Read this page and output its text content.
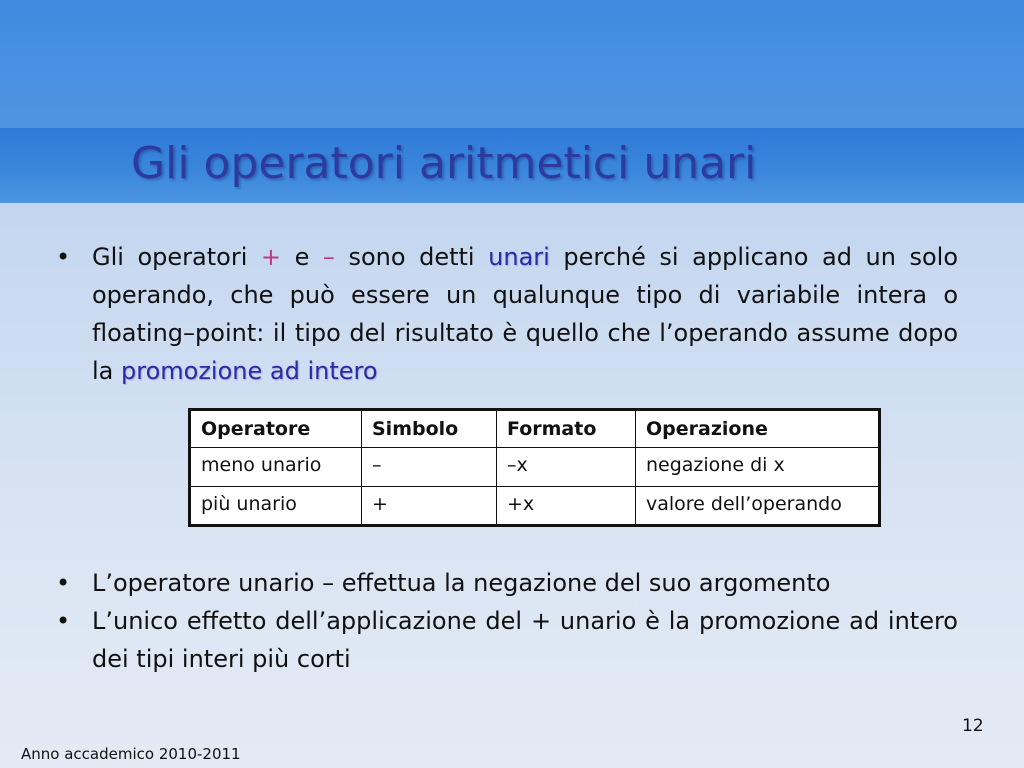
Gli operatori aritmetici unari
• Gli operatori + e – sono detti unari perché si applicano ad un solo operando, che può essere un qualunque tipo di variabile intera o floating–point: il tipo del risultato è quello che l’operando assume dopo la promozione ad intero
Operatore	Simbolo	Formato	Operazione
meno unario	–	–x	negazione di x
più unario	+	+x	valore dell’operando
• L’operatore unario – effettua la negazione del suo argomento
• L’unico effetto dell’applicazione del + unario è la promozione ad intero dei tipi interi più corti
12
Anno accademico 2010-2011
